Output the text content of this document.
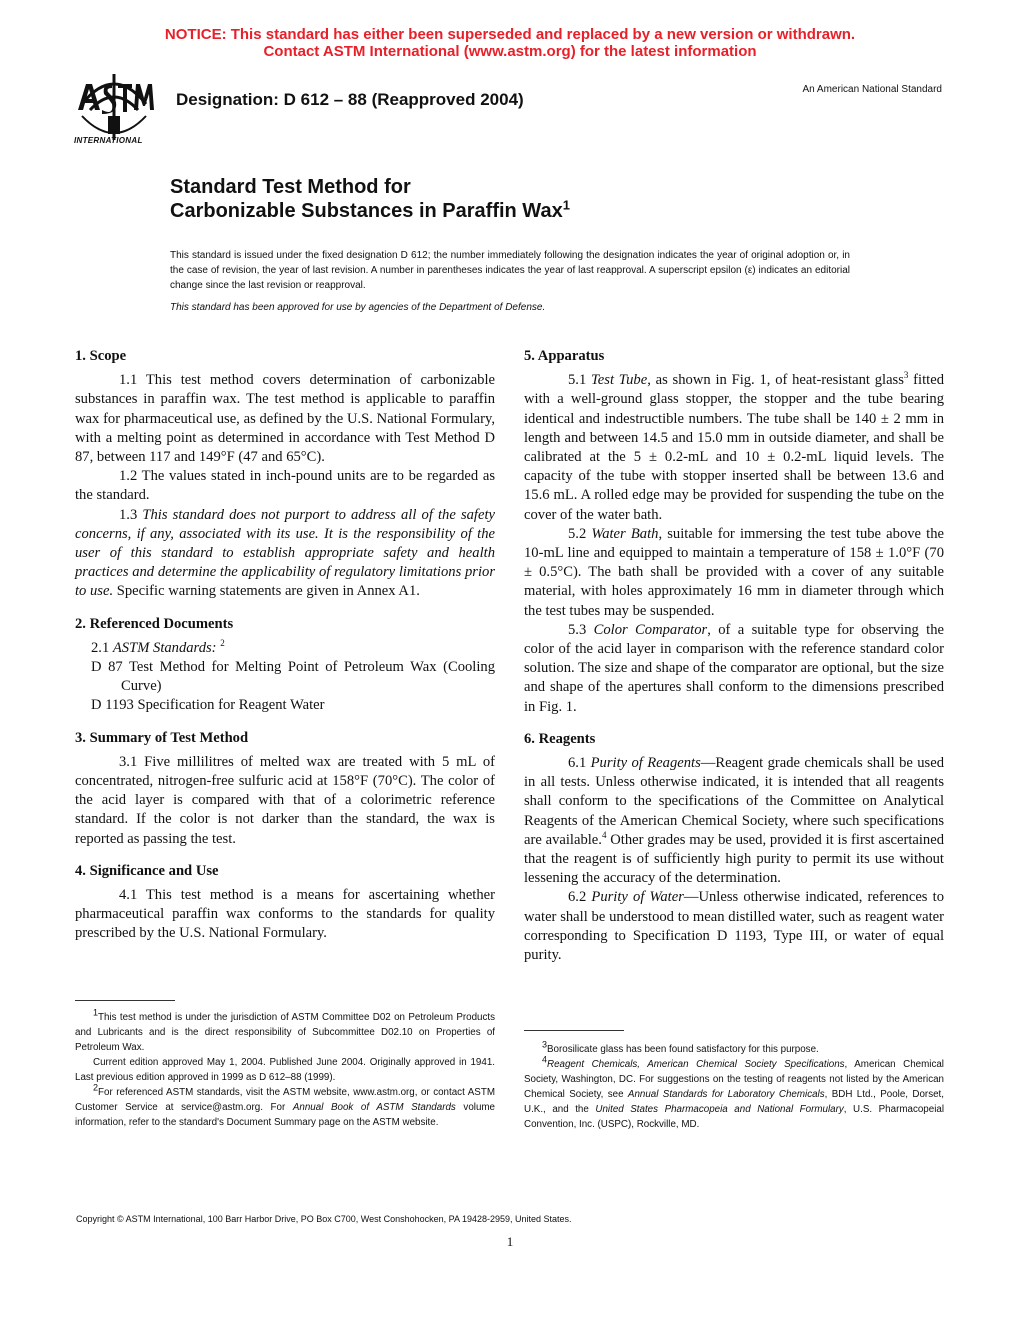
NOTICE: This standard has either been superseded and replaced by a new version or withdrawn.
Contact ASTM International (www.astm.org) for the latest information
INTERNATIONAL
Designation: D 612 – 88 (Reapproved 2004)
An American National Standard
Standard Test Method for
Carbonizable Substances in Paraffin Wax$^1$
This standard is issued under the fixed designation D 612; the number immediately following the designation indicates the year of original adoption or, in the case of revision, the year of last revision. A number in parentheses indicates the year of last reapproval. A superscript epsilon (ε) indicates an editorial change since the last revision or reapproval.
This standard has been approved for use by agencies of the Department of Defense.
1. Scope

1.1 This test method covers determination of carbonizable substances in paraffin wax. The test method is applicable to paraffin wax for pharmaceutical use, as defined by the U.S. National Formulary, with a melting point as determined in accordance with Test Method D 87, between 117 and 149°F (47 and 65°C).

1.2 The values stated in inch-pound units are to be regarded as the standard.

1.3 This standard does not purport to address all of the safety concerns, if any, associated with its use. It is the responsibility of the user of this standard to establish appropriate safety and health practices and determine the applicability of regulatory limitations prior to use. Specific warning statements are given in Annex A1.

2. Referenced Documents

2.1 ASTM Standards: $^2$

D 87 Test Method for Melting Point of Petroleum Wax (Cooling Curve)

D 1193 Specification for Reagent Water

3. Summary of Test Method

3.1 Five millilitres of melted wax are treated with 5 mL of concentrated, nitrogen-free sulfuric acid at 158°F (70°C). The color of the acid layer is compared with that of a colorimetric reference standard. If the color is not darker than the standard, the wax is reported as passing the test.

4. Significance and Use

4.1 This test method is a means for ascertaining whether pharmaceutical paraffin wax conforms to the standards for quality prescribed by the U.S. National Formulary.

$^1$This test method is under the jurisdiction of ASTM Committee D02 on Petroleum Products and Lubricants and is the direct responsibility of Subcommittee D02.10 on Properties of Petroleum Wax.

Current edition approved May 1, 2004. Published June 2004. Originally approved in 1941. Last previous edition approved in 1999 as D 612–88 (1999).

$^2$For referenced ASTM standards, visit the ASTM website, www.astm.org, or contact ASTM Customer Service at service@astm.org. For Annual Book of ASTM Standards volume information, refer to the standard's Document Summary page on the ASTM website.

5. Apparatus

5.1 Test Tube, as shown in Fig. 1, of heat-resistant glass$^3$ fitted with a well-ground glass stopper, the stopper and the tube bearing identical and indestructible numbers. The tube shall be 140 ± 2 mm in length and between 14.5 and 15.0 mm in outside diameter, and shall be calibrated at the 5 ± 0.2-mL and 10 ± 0.2-mL liquid levels. The capacity of the tube with stopper inserted shall be between 13.6 and 15.6 mL. A rolled edge may be provided for suspending the tube on the cover of the water bath.

5.2 Water Bath, suitable for immersing the test tube above the 10-mL line and equipped to maintain a temperature of 158 ± 1.0°F (70 ± 0.5°C). The bath shall be provided with a cover of any suitable material, with holes approximately 16 mm in diameter through which the test tubes may be suspended.

5.3 Color Comparator, of a suitable type for observing the color of the acid layer in comparison with the reference standard color solution. The size and shape of the comparator are optional, but the size and shape of the apertures shall conform to the dimensions prescribed in Fig. 1.

6. Reagents

6.1 Purity of Reagents—Reagent grade chemicals shall be used in all tests. Unless otherwise indicated, it is intended that all reagents shall conform to the specifications of the Committee on Analytical Reagents of the American Chemical Society, where such specifications are available.$^4$ Other grades may be used, provided it is first ascertained that the reagent is of sufficiently high purity to permit its use without lessening the accuracy of the determination.

6.2 Purity of Water—Unless otherwise indicated, references to water shall be understood to mean distilled water, such as reagent water corresponding to Specification D 1193, Type III, or water of equal purity.

$^3$Borosilicate glass has been found satisfactory for this purpose.

$^4$Reagent Chemicals, American Chemical Society Specifications, American Chemical Society, Washington, DC. For suggestions on the testing of reagents not listed by the American Chemical Society, see Annual Standards for Laboratory Chemicals, BDH Ltd., Poole, Dorset, U.K., and the United States Pharmacopeia and National Formulary, U.S. Pharmacopeial Convention, Inc. (USPC), Rockville, MD.

Copyright © ASTM International, 100 Barr Harbor Drive, PO Box C700, West Conshohocken, PA 19428-2959, United States.
1
